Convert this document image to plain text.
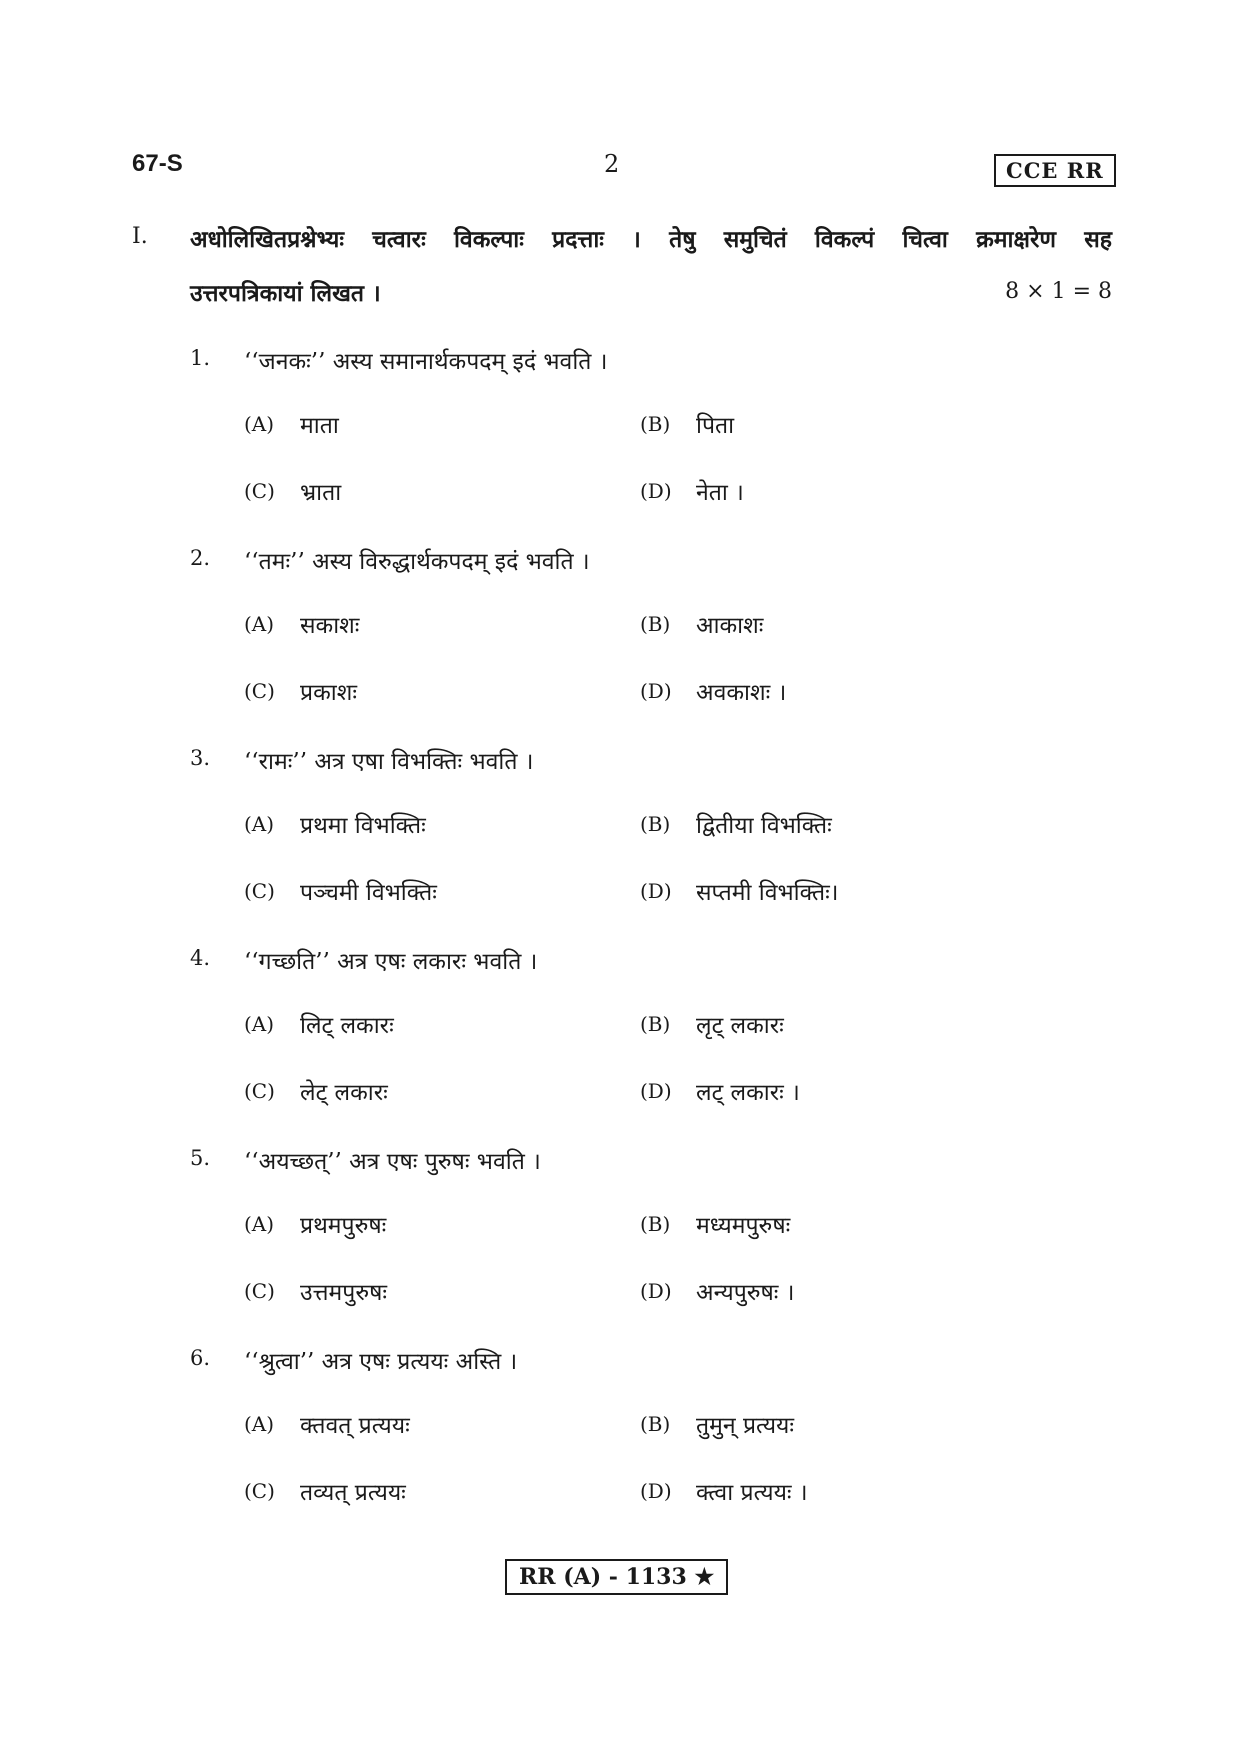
67-S	2	CCE RR
I. अधोलिखितप्रश्नेभ्यः चत्वारः विकल्पाः प्रदत्ताः । तेषु समुचितं विकल्पं चित्वा क्रमाक्षरेण सह
उत्तरपत्रिकायां लिखत ।	8 × 1 = 8
1. ‘‘जनकः’’ अस्य समानार्थकपदम् इदं भवति ।
(A) माता	(B) पिता
(C) भ्राता	(D) नेता ।
2. ‘‘तमः’’ अस्य विरुद्धार्थकपदम् इदं भवति ।
(A) सकाशः	(B) आकाशः
(C) प्रकाशः	(D) अवकाशः ।
3. ‘‘रामः’’ अत्र एषा विभक्तिः भवति ।
(A) प्रथमा विभक्तिः	(B) द्वितीया विभक्तिः
(C) पञ्चमी विभक्तिः	(D) सप्तमी विभक्तिः।
4. ‘‘गच्छति’’ अत्र एषः लकारः भवति ।
(A) लिट् लकारः	(B) लृट् लकारः
(C) लेट् लकारः	(D) लट् लकारः ।
5. ‘‘अयच्छत्’’ अत्र एषः पुरुषः भवति ।
(A) प्रथमपुरुषः	(B) मध्यमपुरुषः
(C) उत्तमपुरुषः	(D) अन्यपुरुषः ।
6. ‘‘श्रुत्वा’’ अत्र एषः प्रत्ययः अस्ति ।
(A) क्तवत् प्रत्ययः	(B) तुमुन् प्रत्ययः
(C) तव्यत् प्रत्ययः	(D) क्त्वा प्रत्ययः ।
RR (A) - 1133 ★
